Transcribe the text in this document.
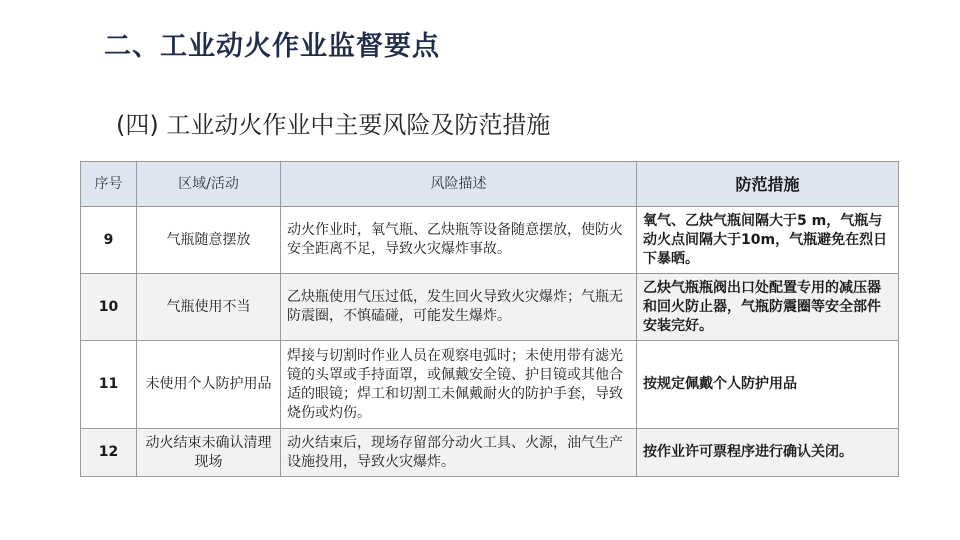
二、工业动火作业监督要点
(四) 工业动火作业中主要风险及防范措施
序号	区域/活动	风险描述	防范措施
9	气瓶随意摆放	动火作业时，氧气瓶、乙炔瓶等设备随意摆放，使防火安全距离不足，导致火灾爆炸事故。	氧气、乙炔气瓶间隔大于5 m，气瓶与动火点间隔大于10m，气瓶避免在烈日下暴晒。
10	气瓶使用不当	乙炔瓶使用气压过低，发生回火导致火灾爆炸；气瓶无防震圈，不慎磕碰，可能发生爆炸。	乙炔气瓶瓶阀出口处配置专用的减压器和回火防止器，气瓶防震圈等安全部件安装完好。
11	未使用个人防护用品	焊接与切割时作业人员在观察电弧时；未使用带有滤光镜的头罩或手持面罩，或佩戴安全镜、护目镜或其他合适的眼镜；焊工和切割工未佩戴耐火的防护手套，导致烧伤或灼伤。	按规定佩戴个人防护用品
12	动火结束未确认清理现场	动火结束后，现场存留部分动火工具、火源，油气生产设施投用，导致火灾爆炸。	按作业许可票程序进行确认关闭。
